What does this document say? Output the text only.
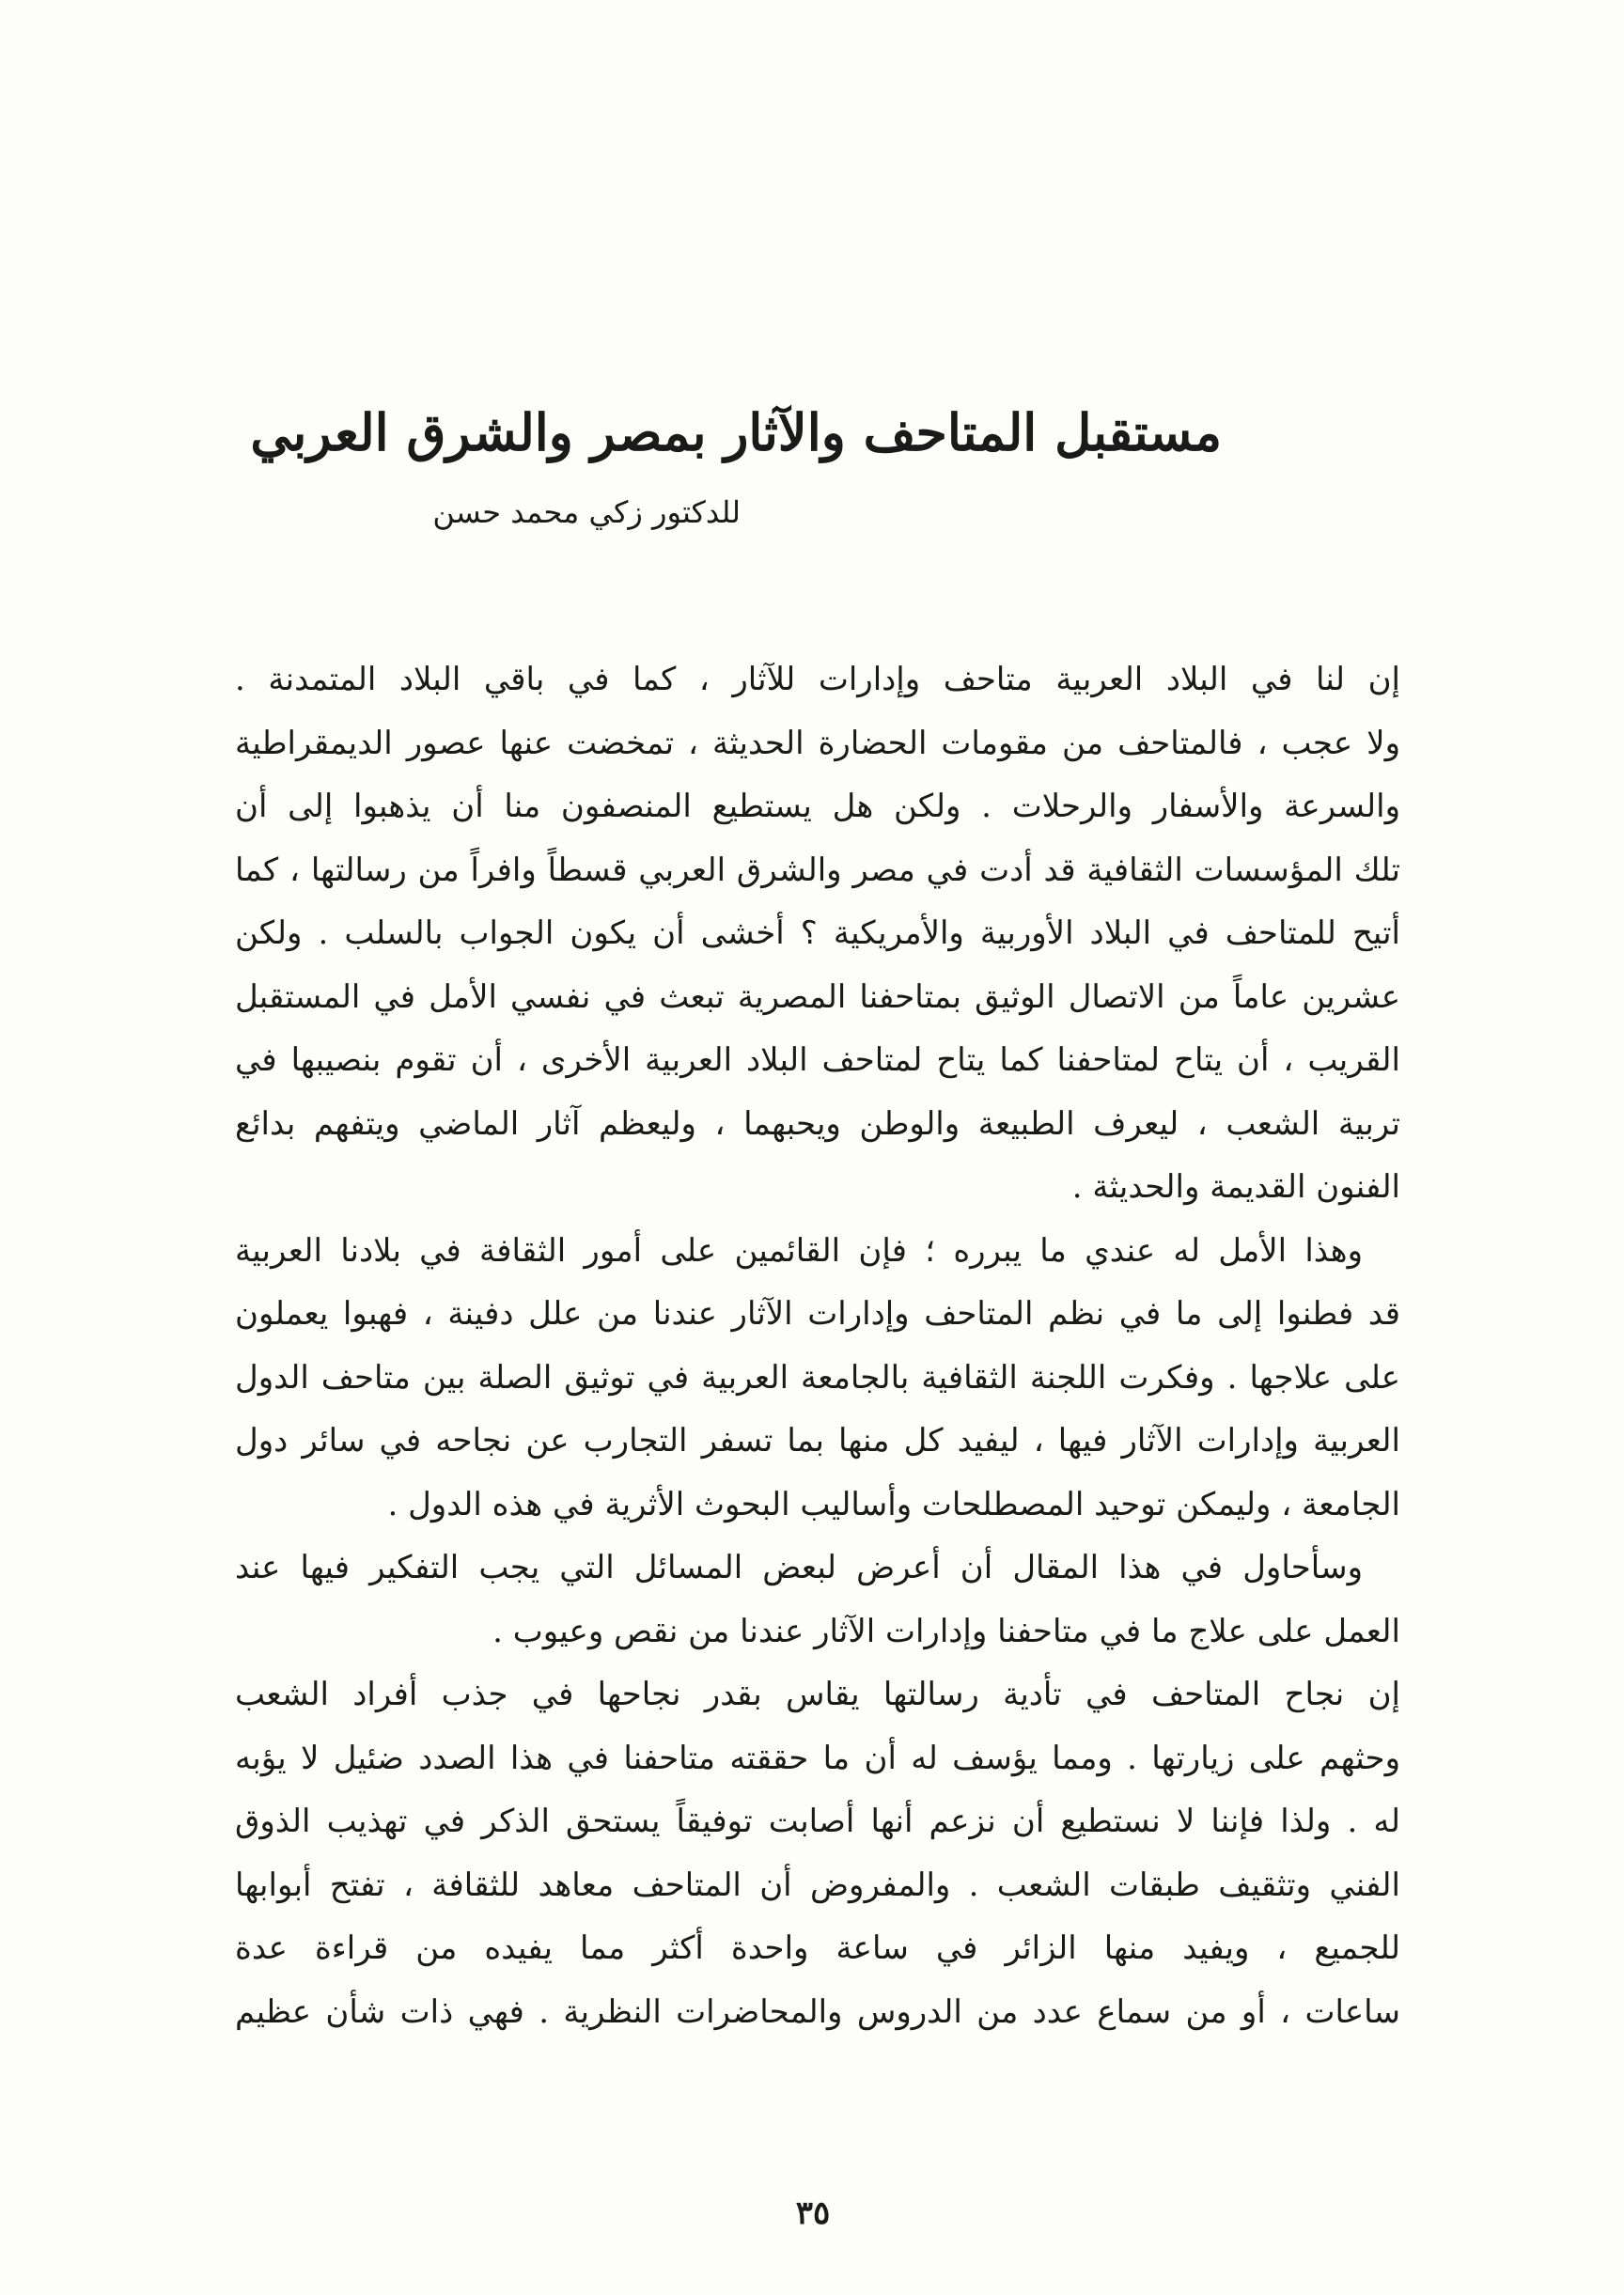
مستقبل المتاحف والآثار بمصر والشرق العربي
للدكتور زكي محمد حسن
إن لنا في البلاد العربية متاحف وإدارات للآثار ، كما في باقي البلاد المتمدنة .
ولا عجب ، فالمتاحف من مقومات الحضارة الحديثة ، تمخضت عنها عصور الديمقراطية
والسرعة والأسفار والرحلات . ولكن هل يستطيع المنصفون منا أن يذهبوا إلى أن
تلك المؤسسات الثقافية قد أدت في مصر والشرق العربي قسطاً وافراً من رسالتها ، كما
أتيح للمتاحف في البلاد الأوربية والأمريكية ؟ أخشى أن يكون الجواب بالسلب . ولكن
عشرين عاماً من الاتصال الوثيق بمتاحفنا المصرية تبعث في نفسي الأمل في المستقبل
القريب ، أن يتاح لمتاحفنا كما يتاح لمتاحف البلاد العربية الأخرى ، أن تقوم بنصيبها في
تربية الشعب ، ليعرف الطبيعة والوطن ويحبهما ، وليعظم آثار الماضي ويتفهم بدائع
الفنون القديمة والحديثة .
وهذا الأمل له عندي ما يبرره ؛ فإن القائمين على أمور الثقافة في بلادنا العربية
قد فطنوا إلى ما في نظم المتاحف وإدارات الآثار عندنا من علل دفينة ، فهبوا يعملون
على علاجها . وفكرت اللجنة الثقافية بالجامعة العربية في توثيق الصلة بين متاحف الدول
العربية وإدارات الآثار فيها ، ليفيد كل منها بما تسفر التجارب عن نجاحه في سائر دول
الجامعة ، وليمكن توحيد المصطلحات وأساليب البحوث الأثرية في هذه الدول .
وسأحاول في هذا المقال أن أعرض لبعض المسائل التي يجب التفكير فيها عند
العمل على علاج ما في متاحفنا وإدارات الآثار عندنا من نقص وعيوب .
إن نجاح المتاحف في تأدية رسالتها يقاس بقدر نجاحها في جذب أفراد الشعب
وحثهم على زيارتها . ومما يؤسف له أن ما حققته متاحفنا في هذا الصدد ضئيل لا يؤبه
له . ولذا فإننا لا نستطيع أن نزعم أنها أصابت توفيقاً يستحق الذكر في تهذيب الذوق
الفني وتثقيف طبقات الشعب . والمفروض أن المتاحف معاهد للثقافة ، تفتح أبوابها
للجميع ، ويفيد منها الزائر في ساعة واحدة أكثر مما يفيده من قراءة عدة
ساعات ، أو من سماع عدد من الدروس والمحاضرات النظرية . فهي ذات شأن عظيم
٣٥
